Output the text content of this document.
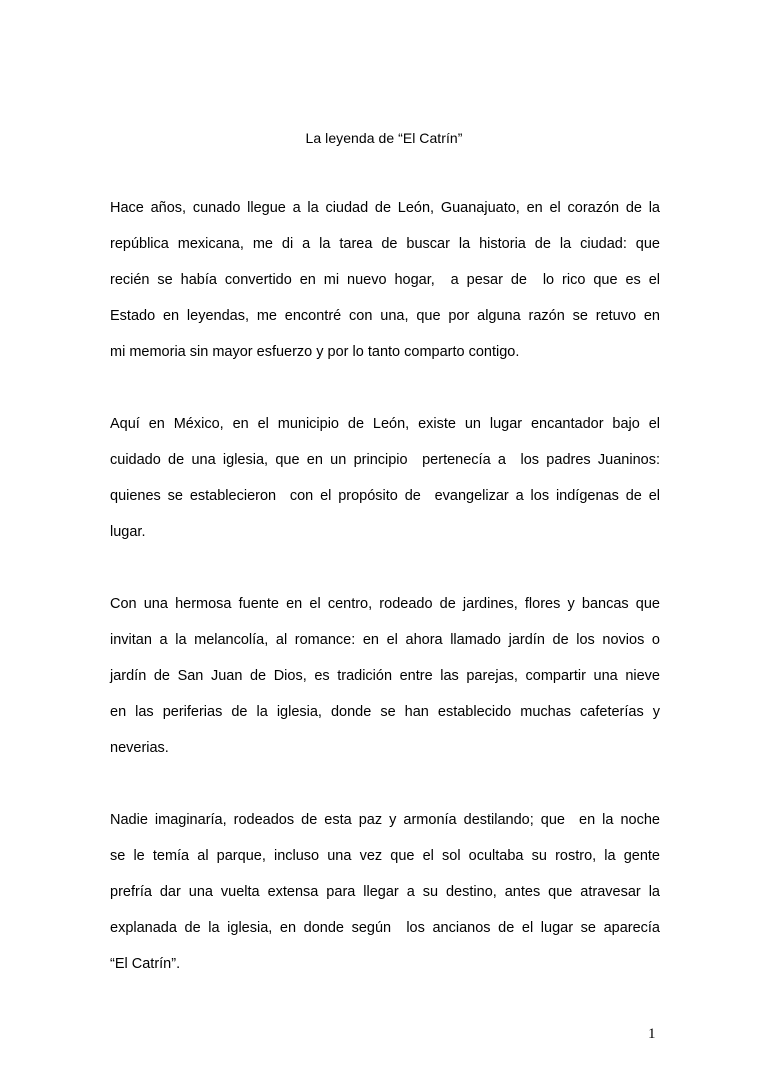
La leyenda de “El Catrín”
Hace años, cunado llegue a la ciudad de León, Guanajuato, en el corazón de la
república mexicana, me di a la tarea de buscar la historia de la ciudad: que
recién se había convertido en mi nuevo hogar,  a pesar de  lo rico que es el
Estado en leyendas, me encontré con una, que por alguna razón se retuvo en
mi memoria sin mayor esfuerzo y por lo tanto comparto contigo.
Aquí en México, en el municipio de León, existe un lugar encantador bajo el
cuidado de una iglesia, que en un principio  pertenecía a  los padres Juaninos:
quienes se establecieron  con el propósito de  evangelizar a los indígenas de el
lugar.
Con una hermosa fuente en el centro, rodeado de jardines, flores y bancas que
invitan a la melancolía, al romance: en el ahora llamado jardín de los novios o
jardín de San Juan de Dios, es tradición entre las parejas, compartir una nieve
en las periferias de la iglesia, donde se han establecido muchas cafeterías y
neverias.
Nadie imaginaría, rodeados de esta paz y armonía destilando; que  en la noche
se le temía al parque, incluso una vez que el sol ocultaba su rostro, la gente
prefría dar una vuelta extensa para llegar a su destino, antes que atravesar la
explanada de la iglesia, en donde según  los ancianos de el lugar se aparecía
“El Catrín”.
1
